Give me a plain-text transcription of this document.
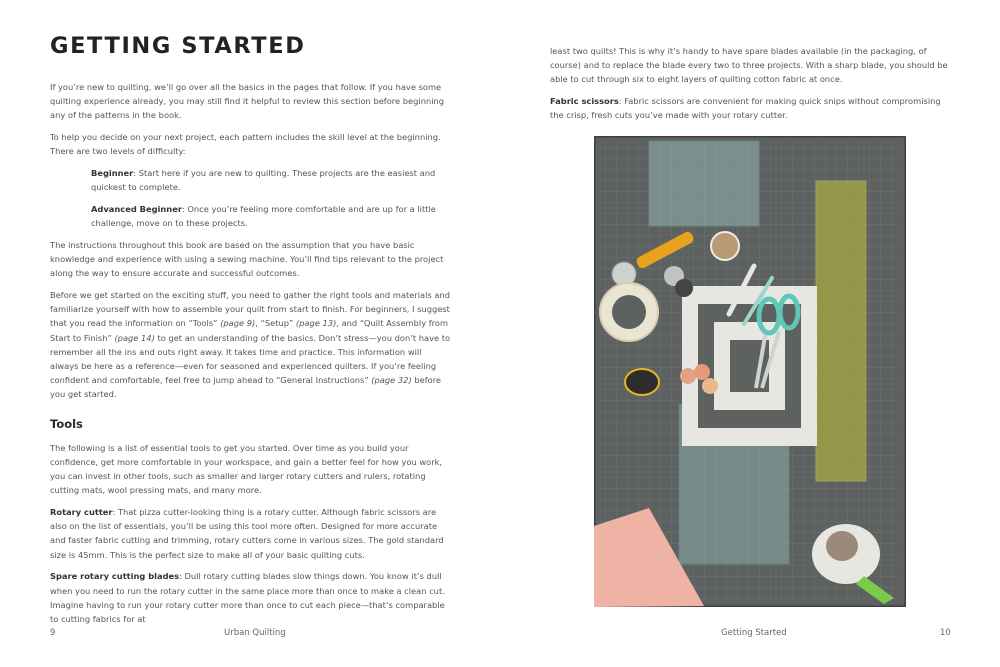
GETTING STARTED

If you’re new to quilting, we’ll go over all the basics in the pages that follow. If you have some quilting experience already, you may still find it helpful to review this section before beginning any of the patterns in the book.

To help you decide on your next project, each pattern includes the skill level at the beginning. There are two levels of difficulty:

Beginner: Start here if you are new to quilting. These projects are the easiest and quickest to complete.

Advanced Beginner: Once you’re feeling more comfortable and are up for a little challenge, move on to these projects.

The instructions throughout this book are based on the assumption that you have basic knowledge and experience with using a sewing machine. You’ll find tips relevant to the project along the way to ensure accurate and successful outcomes.

Before we get started on the exciting stuff, you need to gather the right tools and materials and familiarize yourself with how to assemble your quilt from start to finish. For beginners, I suggest that you read the information on “Tools” (page 9), “Setup” (page 13), and “Quilt Assembly from Start to Finish” (page 14) to get an understanding of the basics. Don’t stress—you don’t have to remember all the ins and outs right away. It takes time and practice. This information will always be here as a reference—even for seasoned and experienced quilters. If you’re feeling confident and comfortable, feel free to jump ahead to “General Instructions” (page 32) before you get started.

Tools

The following is a list of essential tools to get you started. Over time as you build your confidence, get more comfortable in your workspace, and gain a better feel for how you work, you can invest in other tools, such as smaller and larger rotary cutters and rulers, rotating cutting mats, wool pressing mats, and many more.

Rotary cutter: That pizza cutter-looking thing is a rotary cutter. Although fabric scissors are also on the list of essentials, you’ll be using this tool more often. Designed for more accurate and faster fabric cutting and trimming, rotary cutters come in various sizes. The gold standard size is 45mm. This is the perfect size to make all of your basic quilting cuts.

Spare rotary cutting blades: Dull rotary cutting blades slow things down. You know it’s dull when you need to run the rotary cutter in the same place more than once to make a clean cut. Imagine having to run your rotary cutter more than once to cut each piece—that’s comparable to cutting fabrics for at

9	Urban Quilting

least two quilts! This is why it’s handy to have spare blades available (in the packaging, of course) and to replace the blade every two to three projects. With a sharp blade, you should be able to cut through six to eight layers of quilting cotton fabric at once.

Fabric scissors: Fabric scissors are convenient for making quick snips without compromising the crisp, fresh cuts you’ve made with your rotary cutter.

Getting Started	10
